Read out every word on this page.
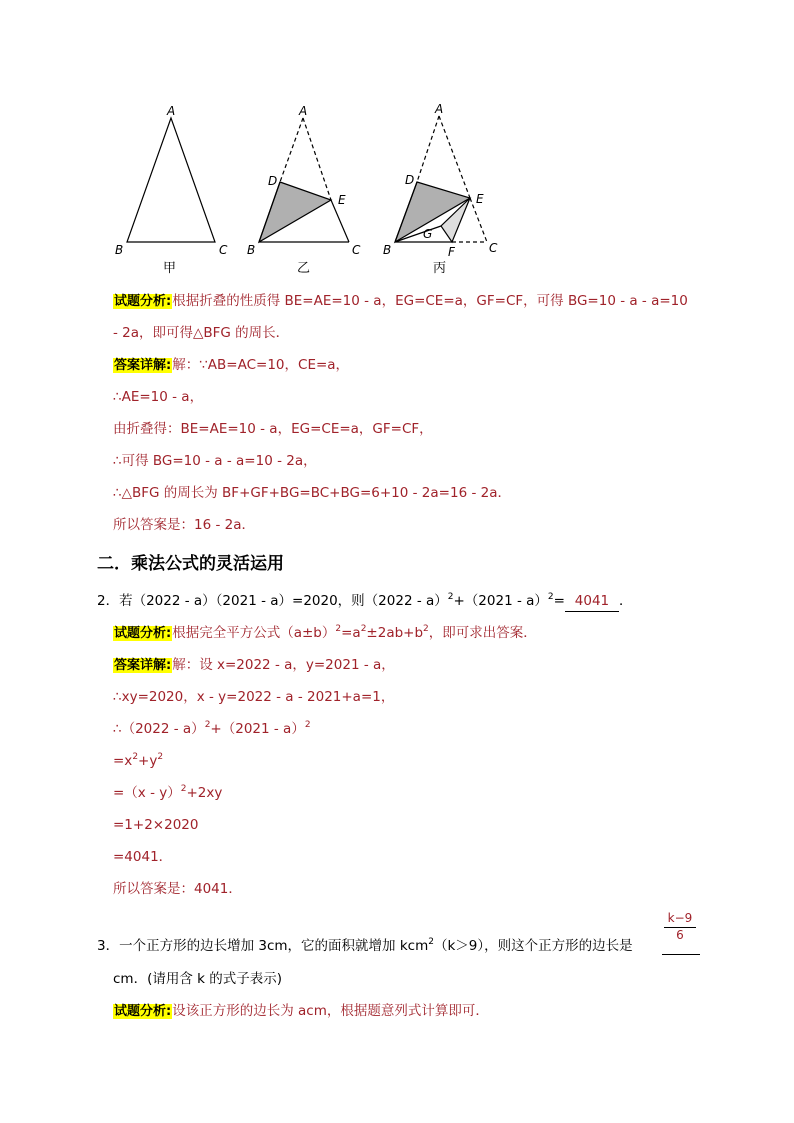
A
B	C
甲
A
D
E
B	C
乙
A
D
E
G
F
B	C
丙
试题分析:根据折叠的性质得 BE=AE=10 - a，EG=CE=a，GF=CF，可得 BG=10 - a - a=10
- 2a，即可得△BFG 的周长．
答案详解:解：∵AB=AC=10，CE=a，
∴AE=10 - a，
由折叠得：BE=AE=10 - a，EG=CE=a，GF=CF，
∴可得 BG=10 - a - a=10 - 2a，
∴△BFG 的周长为 BF+GF+BG=BC+BG=6+10 - 2a=16 - 2a．
所以答案是：16 - 2a．
二．乘法公式的灵活运用
2．若（2022 - a）（2021 - a）=2020，则（2022 - a）$^2$+（2021 - a）$^2$= 4041 ．
试题分析:根据完全平方公式$(a\pm b)^2=a^2\pm 2ab+b^2$，即可求出答案．
答案详解:解：设 x=2022 - a，y=2021 - a，
∴xy=2020，x - y=2022 - a - 2021+a=1，
∴（2022 - a）$^2$+（2021 - a）$^2$
$=x^2+y^2$
=（x - y）$^2$+2xy
=1+2×2020
=4041．
所以答案是：4041．
3．一个正方形的边长增加 3cm，它的面积就增加 kcm$^2$（k＞9），则这个正方形的边长是
k−9
6
cm．(请用含 k 的式子表示)
试题分析:设该正方形的边长为 acm，根据题意列式计算即可．
